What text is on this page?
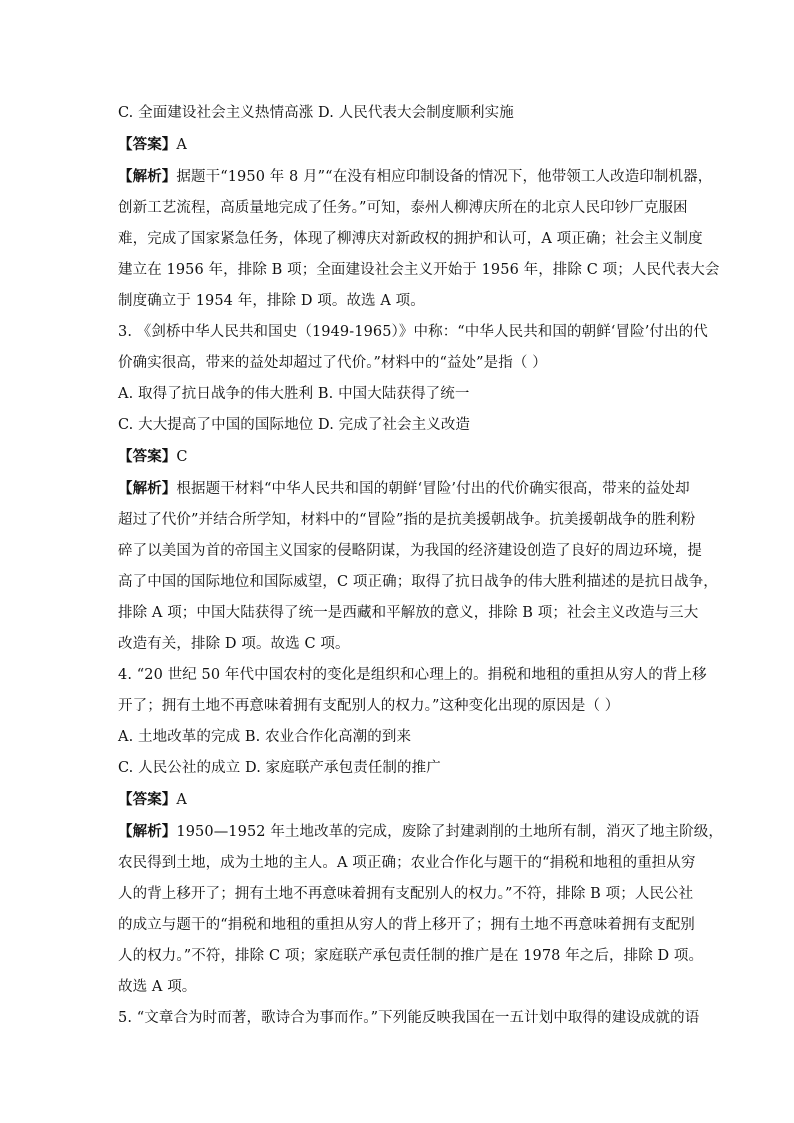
C. 全面建设社会主义热情高涨 D. 人民代表大会制度顺利实施
【答案】A
【解析】据题干“1950 年 8 月”“在没有相应印制设备的情况下，他带领工人改造印制机器，
创新工艺流程，高质量地完成了任务。”可知，泰州人柳溥庆所在的北京人民印钞厂克服困
难，完成了国家紧急任务，体现了柳溥庆对新政权的拥护和认可，A 项正确；社会主义制度
建立在 1956 年，排除 B 项；全面建设社会主义开始于 1956 年，排除 C 项；人民代表大会
制度确立于 1954 年，排除 D 项。故选 A 项。
3. 《剑桥中华人民共和国史（1949-1965）》中称：“中华人民共和国的朝鲜‘冒险’付出的代
价确实很高，带来的益处却超过了代价。”材料中的“益处”是指（ ）
A. 取得了抗日战争的伟大胜利 B. 中国大陆获得了统一
C. 大大提高了中国的国际地位 D. 完成了社会主义改造
【答案】C
【解析】根据题干材料“中华人民共和国的朝鲜‘冒险’付出的代价确实很高，带来的益处却
超过了代价”并结合所学知，材料中的“冒险”指的是抗美援朝战争。抗美援朝战争的胜利粉
碎了以美国为首的帝国主义国家的侵略阴谋，为我国的经济建设创造了良好的周边环境，提
高了中国的国际地位和国际威望，C 项正确；取得了抗日战争的伟大胜利描述的是抗日战争，
排除 A 项；中国大陆获得了统一是西藏和平解放的意义，排除 B 项；社会主义改造与三大
改造有关，排除 D 项。故选 C 项。
4. “20 世纪 50 年代中国农村的变化是组织和心理上的。捐税和地租的重担从穷人的背上移
开了；拥有土地不再意味着拥有支配别人的权力。”这种变化出现的原因是（ ）
A. 土地改革的完成 B. 农业合作化高潮的到来
C. 人民公社的成立 D. 家庭联产承包责任制的推广
【答案】A
【解析】1950—1952 年土地改革的完成，废除了封建剥削的土地所有制，消灭了地主阶级，
农民得到土地，成为土地的主人。A 项正确；农业合作化与题干的“捐税和地租的重担从穷
人的背上移开了；拥有土地不再意味着拥有支配别人的权力。”不符，排除 B 项；人民公社
的成立与题干的“捐税和地租的重担从穷人的背上移开了；拥有土地不再意味着拥有支配别
人的权力。”不符，排除 C 项；家庭联产承包责任制的推广是在 1978 年之后，排除 D 项。
故选 A 项。
5. “文章合为时而著，歌诗合为事而作。”下列能反映我国在一五计划中取得的建设成就的语
